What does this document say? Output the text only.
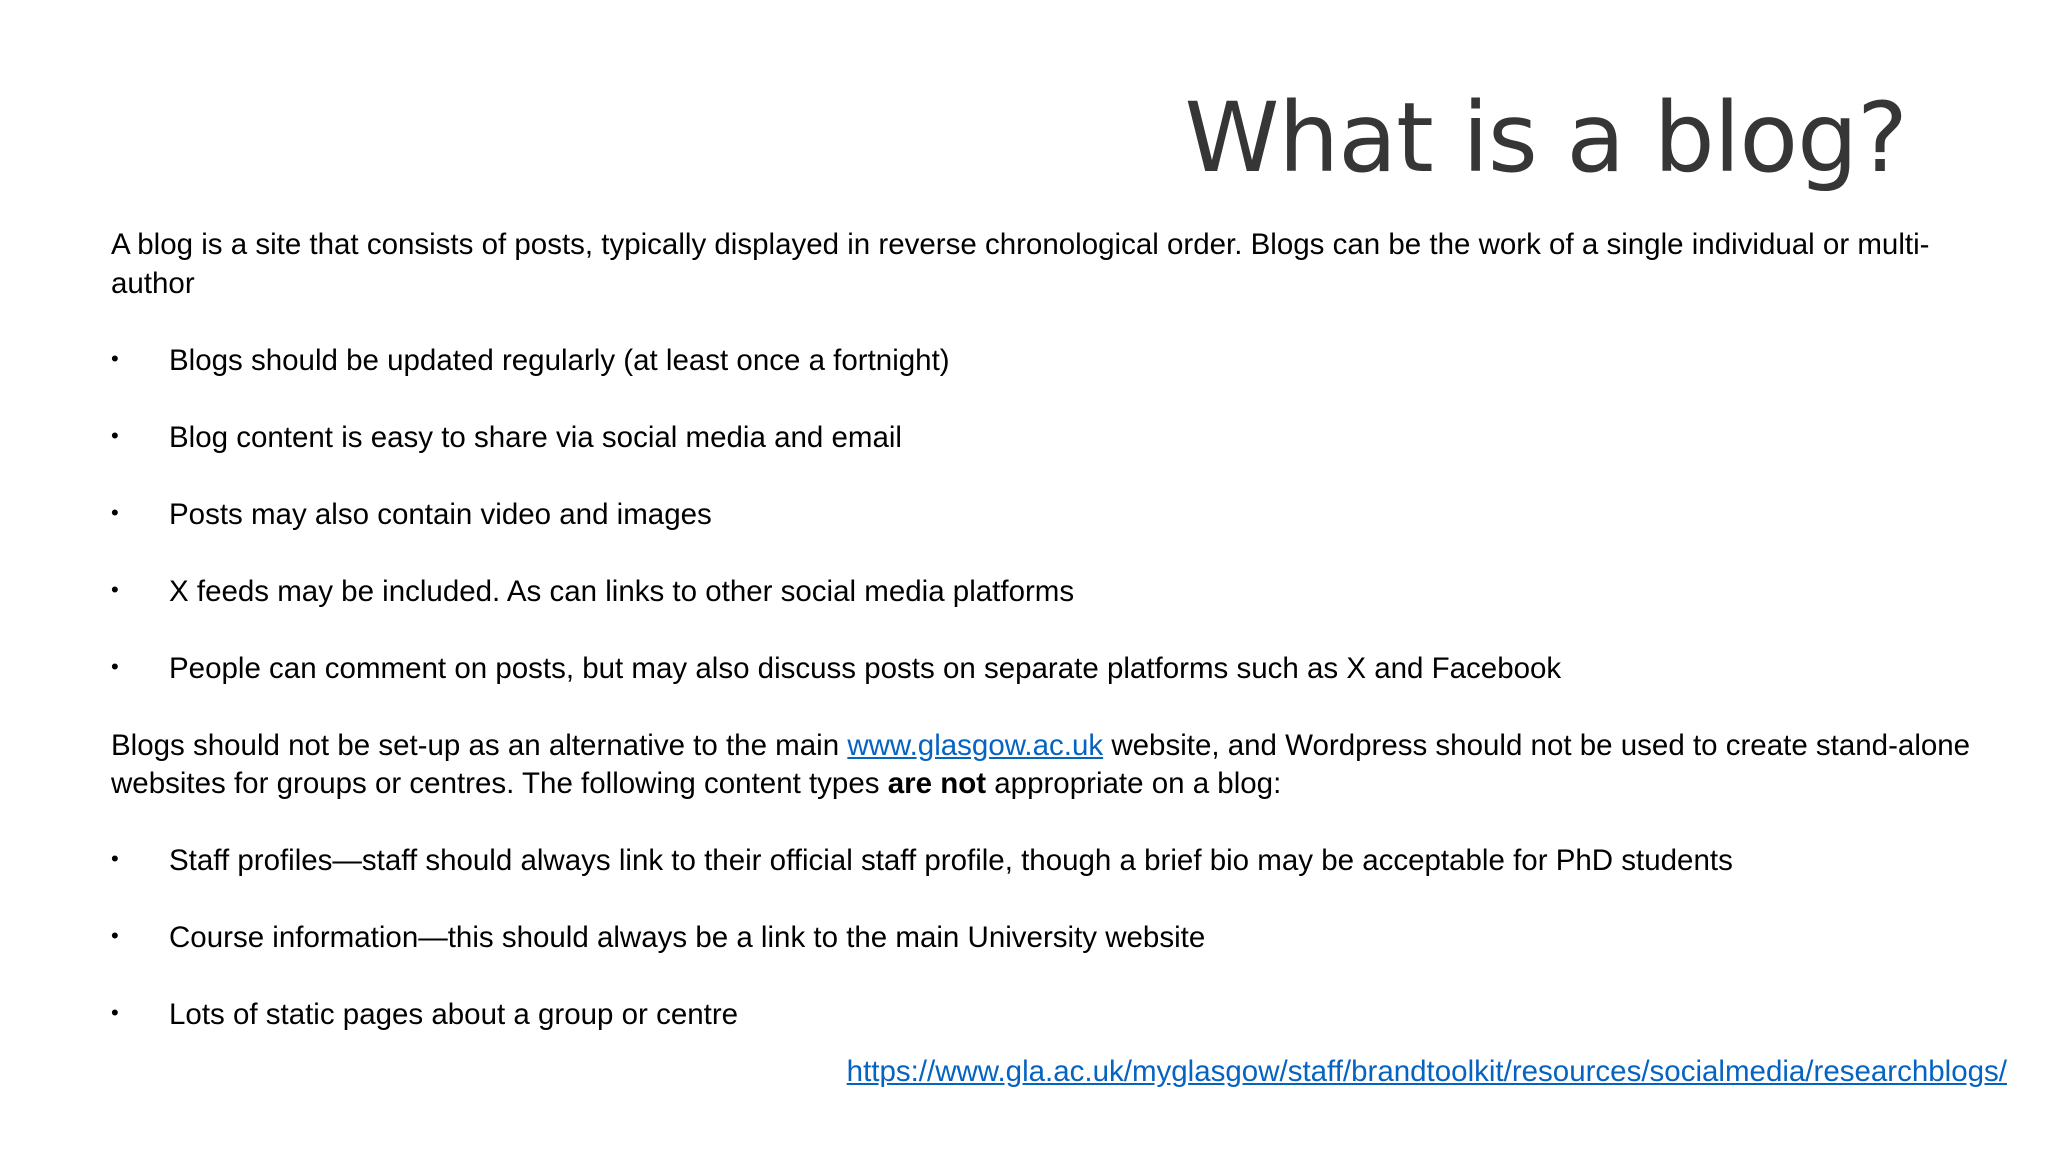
What is a blog?

A blog is a site that consists of posts, typically displayed in reverse chronological order. Blogs can be the work of a single individual or multi-author

• Blogs should be updated regularly (at least once a fortnight)
• Blog content is easy to share via social media and email
• Posts may also contain video and images
• X feeds may be included. As can links to other social media platforms
• People can comment on posts, but may also discuss posts on separate platforms such as X and Facebook

Blogs should not be set-up as an alternative to the main www.glasgow.ac.uk website, and Wordpress should not be used to create stand-alone websites for groups or centres. The following content types are not appropriate on a blog:

• Staff profiles—staff should always link to their official staff profile, though a brief bio may be acceptable for PhD students
• Course information—this should always be a link to the main University website
• Lots of static pages about a group or centre
https://www.gla.ac.uk/myglasgow/staff/brandtoolkit/resources/socialmedia/researchblogs/
